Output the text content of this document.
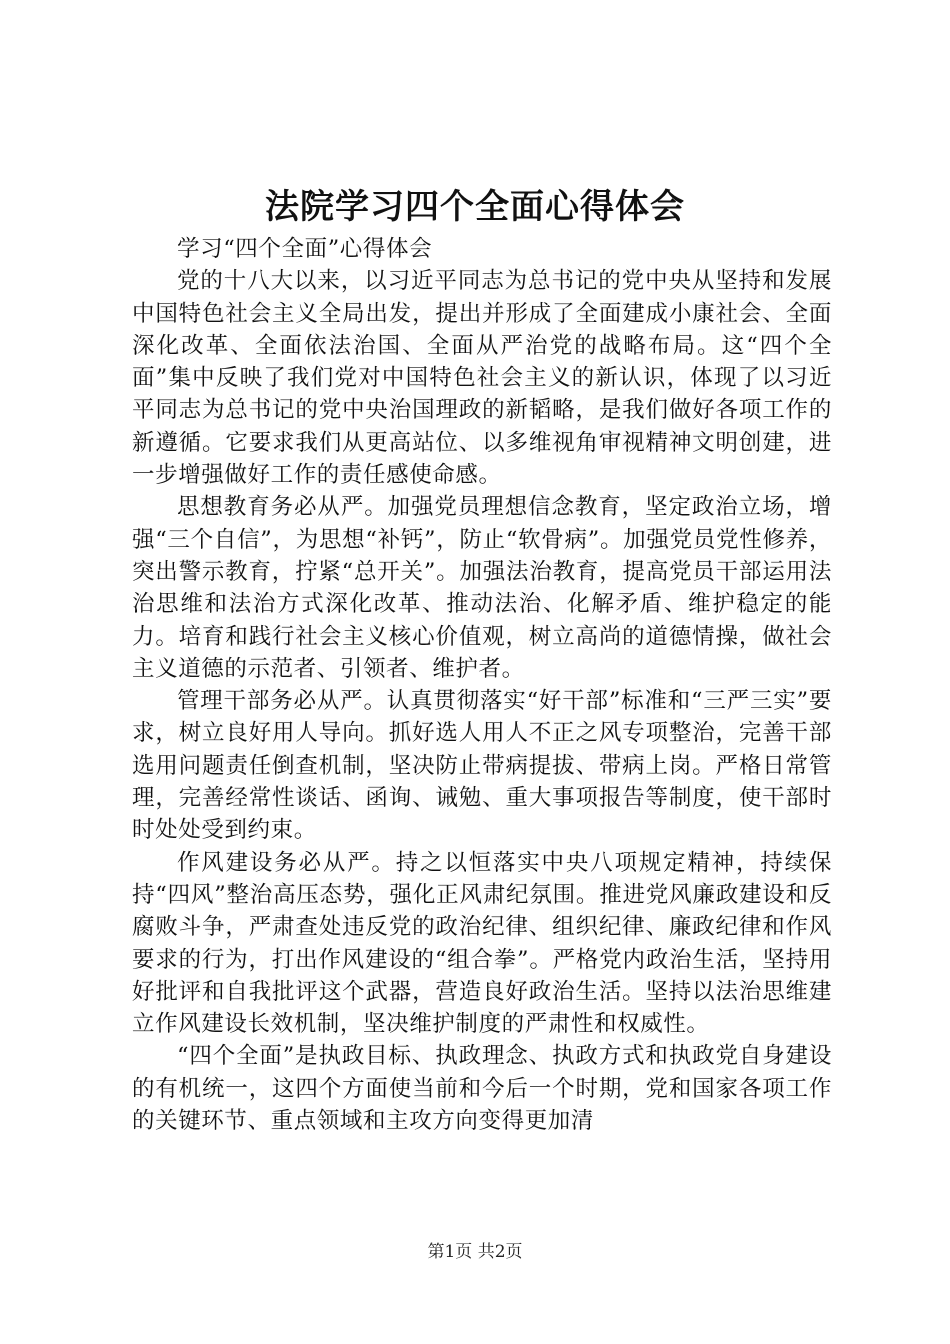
法院学习四个全面心得体会

学习“四个全面”心得体会

党的十八大以来，以习近平同志为总书记的党中央从坚持和发展中国特色社会主义全局出发，提出并形成了全面建成小康社会、全面深化改革、全面依法治国、全面从严治党的战略布局。这“四个全面”集中反映了我们党对中国特色社会主义的新认识，体现了以习近平同志为总书记的党中央治国理政的新韬略，是我们做好各项工作的新遵循。它要求我们从更高站位、以多维视角审视精神文明创建，进一步增强做好工作的责任感使命感。

思想教育务必从严。加强党员理想信念教育，坚定政治立场，增强“三个自信”，为思想“补钙”，防止“软骨病”。加强党员党性修养，突出警示教育，拧紧“总开关”。加强法治教育，提高党员干部运用法治思维和法治方式深化改革、推动法治、化解矛盾、维护稳定的能力。培育和践行社会主义核心价值观，树立高尚的道德情操，做社会主义道德的示范者、引领者、维护者。

管理干部务必从严。认真贯彻落实“好干部”标准和“三严三实”要求，树立良好用人导向。抓好选人用人不正之风专项整治，完善干部选用问题责任倒查机制，坚决防止带病提拔、带病上岗。严格日常管理，完善经常性谈话、函询、诫勉、重大事项报告等制度，使干部时时处处受到约束。

作风建设务必从严。持之以恒落实中央八项规定精神，持续保持“四风”整治高压态势，强化正风肃纪氛围。推进党风廉政建设和反腐败斗争，严肃查处违反党的政治纪律、组织纪律、廉政纪律和作风要求的行为，打出作风建设的“组合拳”。严格党内政治生活，坚持用好批评和自我批评这个武器，营造良好政治生活。坚持以法治思维建立作风建设长效机制，坚决维护制度的严肃性和权威性。

“四个全面”是执政目标、执政理念、执政方式和执政党自身建设的有机统一，这四个方面使当前和今后一个时期，党和国家各项工作的关键环节、重点领域和主攻方向变得更加清

第1页 共2页
